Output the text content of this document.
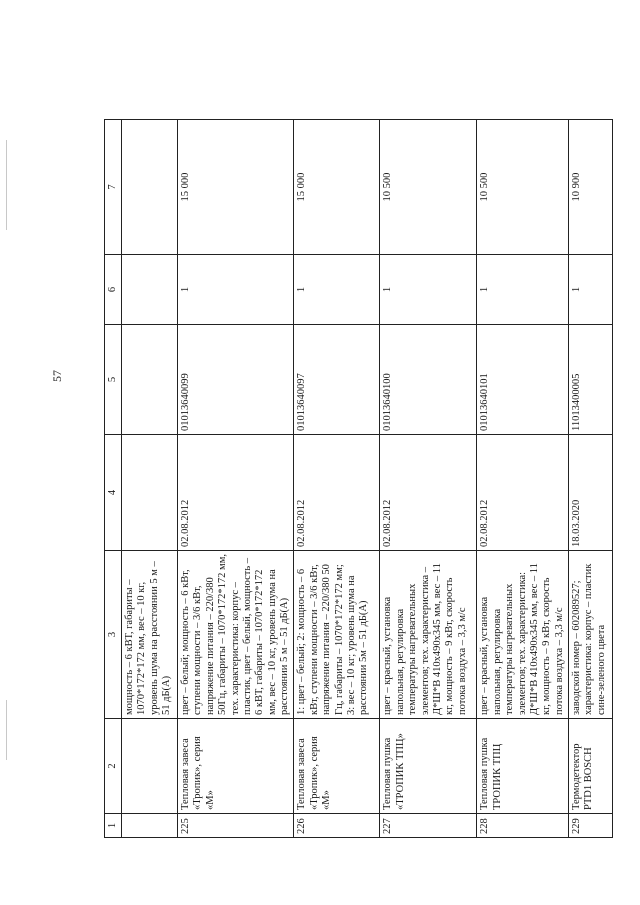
57
1	2	3	4	5	6	7
		мощность – 6 кВТ, габариты – 1070*172*172 мм, вес – 10 кг, уровень шума на расстоянии 5 м –51 дБ(А)				
225	Тепловая завеса «Тропик», серия «М»	цвет – белый; мощность – 6 кВт, ступени мощности – 3/6 кВт, напряжение питания – 220/380 50Гц, габариты – 1070*172*172 мм, тех. характеристика: корпус – пластик, цвет – белый, мощность – 6 кВТ, габариты – 1070*172*172 мм, вес – 10 кг, уровень шума на расстоянии 5 м – 51 дБ(А)	02.08.2012	01013640099	1	15 000
226	Тепловая завеса «Тропик», серия «М»	1: цвет – белый; 2: мощность – 6 кВт, ступени мощности – 3/6 кВт, напряжение питания – 220/380 50 Гц, габариты – 1070*172*172 мм; 3: вес – 10 кг; уровень шума на расстоянии 5м – 51 дБ(А)	02.08.2012	01013640097	1	15 000
227	Тепловая пушка «ТРОПИК ТПЦ»	цвет – красный, установка напольная, регулировка температуры нагревательных элементов; тех. характеристика – Д*Ш*В 410х490х345 мм, вес – 11 кг, мощность – 9 кВт, скорость потока воздуха – 3,3 м/с	02.08.2012	01013640100	1	10 500
228	Тепловая пушка ТРОПИК ТПЦ	цвет – красный, установка напольная, регулировка температуры нагревательных элементов; тех. характеристика: Д*Ш*В 410х490х345 мм, вес – 11 кг, мощность – 9 кВт, скорость потока воздуха – 3,3 м/с	02.08.2012	01013640101	1	10 500
229	Термодетектор PTD1 BOSCH	заводской номер – 602089527; характеристика: корпус – пластик сине-зеленого цвета	18.03.2020	11013400005	1	10 900
